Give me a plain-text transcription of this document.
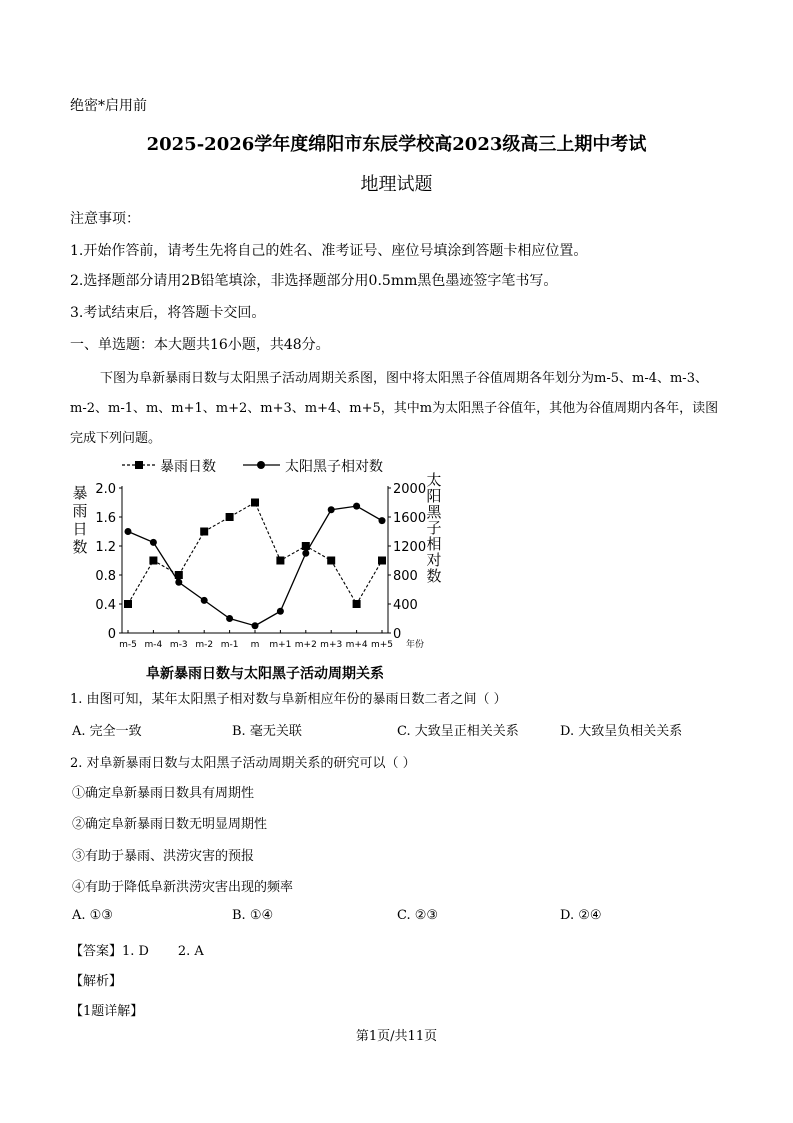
绝密*启用前
2025-2026学年度绵阳市东辰学校高2023级高三上期中考试
地理试题
注意事项：
1.开始作答前，请考生先将自己的姓名、准考证号、座位号填涂到答题卡相应位置。
2.选择题部分请用2B铅笔填涂，非选择题部分用0.5mm黑色墨迹签字笔书写。
3.考试结束后，将答题卡交回。
一、单选题：本大题共16小题，共48分。
下图为阜新暴雨日数与太阳黑子活动周期关系图，图中将太阳黑子谷值周期各年划分为m-5、m-4、m-3、
m-2、m-1、m、m+1、m+2、m+3、m+4、m+5，其中m为太阳黑子谷值年，其他为谷值周期内各年，读图
完成下列问题。
暴雨日数	太阳黑子相对数
0
0.4
0.8
1.2
1.6
2.0
0
400
800
1200
1600
2000
m-5 m-4 m-3 m-2 m-1 m m+1 m+2 m+3 m+4 m+5 年份
暴
雨
日
数
太
阳
黑
子
相
对
数
阜新暴雨日数与太阳黑子活动周期关系
1. 由图可知，某年太阳黑子相对数与阜新相应年份的暴雨日数二者之间（ ）
A. 完全一致	B. 毫无关联	C. 大致呈正相关关系	D. 大致呈负相关关系
2. 对阜新暴雨日数与太阳黑子活动周期关系的研究可以（ ）
①确定阜新暴雨日数具有周期性
②确定阜新暴雨日数无明显周期性
③有助于暴雨、洪涝灾害的预报
④有助于降低阜新洪涝灾害出现的频率
A. ①③	B. ①④	C. ②③	D. ②④
【答案】1. D       2. A
【解析】
【1题详解】
第1页/共11页
